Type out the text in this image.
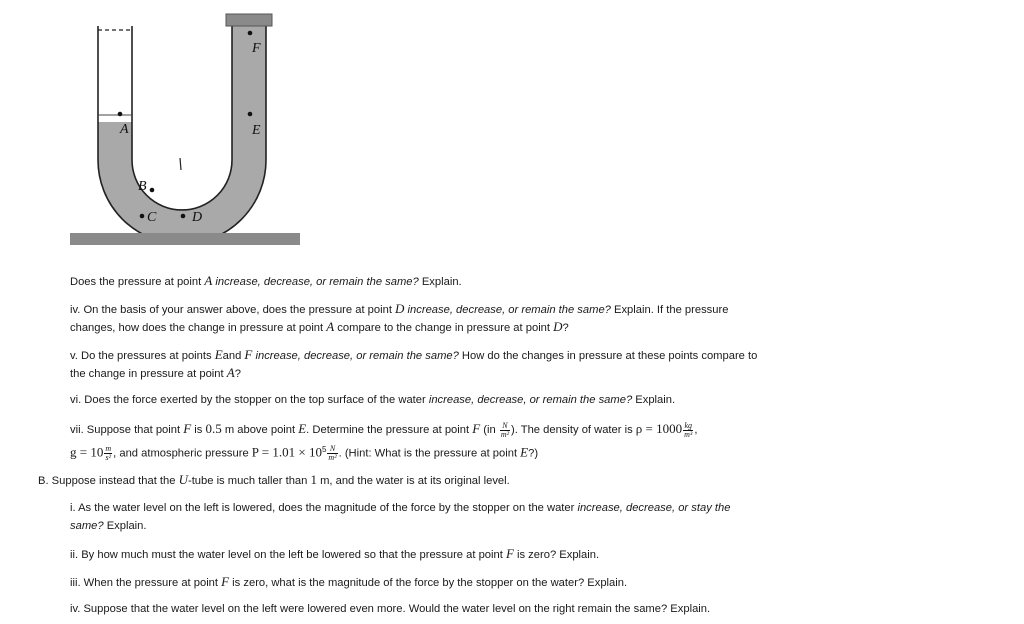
A
B
C	D
E
F
Does the pressure at point A increase, decrease, or remain the same? Explain.
iv. On the basis of your answer above, does the pressure at point D increase, decrease, or remain the same? Explain. If the pressure
changes, how does the change in pressure at point A compare to the change in pressure at point D?
v. Do the pressures at points Eand F increase, decrease, or remain the same? How do the changes in pressure at these points compare to
the change in pressure at point A?
vi. Does the force exerted by the stopper on the top surface of the water increase, decrease, or remain the same? Explain.
vii. Suppose that point F is 0.5 m above point E. Determine the pressure at point F ($in \frac{N}{\text{m²}}$ ). The density of water is $\rho = 1000 \frac{kg}{\text{m³}}$ ,
$g = 10 \frac{m}{\text{s²}}$ , and atmospheric pressure $P = 1.01 \times 10^5 \frac{N}{\text{m²}}$ . (Hint: What is the pressure at point E?)
B. Suppose instead that the U-tube is much taller than 1 m, and the water is at its original level.
i. As the water level on the left is lowered, does the magnitude of the force by the stopper on the water increase, decrease, or stay the
same? Explain.
ii. By how much must the water level on the left be lowered so that the pressure at point F is zero? Explain.
iii. When the pressure at point F is zero, what is the magnitude of the force by the stopper on the water? Explain.
iv. Suppose that the water level on the left were lowered even more. Would the water level on the right remain the same? Explain.
